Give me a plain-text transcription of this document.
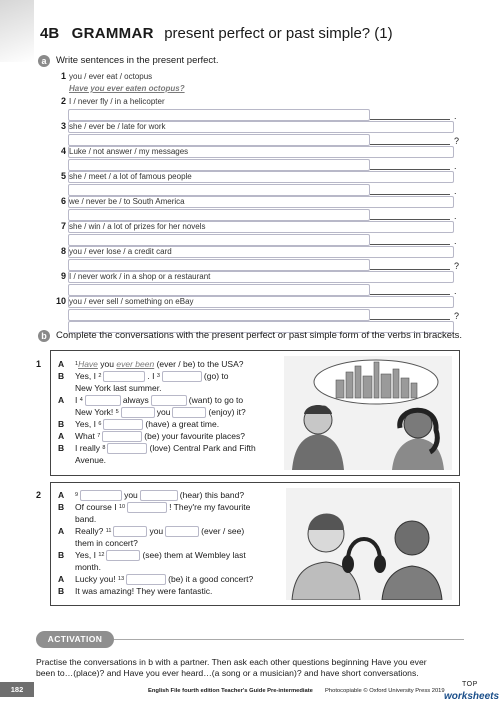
4B GRAMMAR present perfect or past simple? (1)
a	Write sentences in the present perfect.
1 you / ever eat / octopus
Have you ever eaten octopus?
2 I / never fly / in a helicopter
.
3 she / ever be / late for work
?
4 Luke / not answer / my messages
.
5 she / meet / a lot of famous people
.
6 we / never be / to South America
.
7 she / win / a lot of prizes for her novels
.
8 you / ever lose / a credit card
?
9 I / never work / in a shop or a restaurant
.
10 you / ever sell / something on eBay
?
b Complete the conversations with the present perfect or past simple form of the verbs in brackets.
1 A	1 Have
you
ever been
(ever / be) to the USA?
B	Yes, I
2	. I
3	(go) to
New York last summer.
A	I
4	always	(want) to go to
New York!
5	you	(enjoy) it?
B	Yes, I
6	(have) a great time.
A	What
7	(be) your favourite places?
B	I really
8	(love) Central Park and Fifth
Avenue.
2 A	9	you	(hear) this band?
B	Of course I
10	! They're my favourite
band.
A	Really?
11	you	(ever / see)
them in concert?
B	Yes, I
12	(see) them at Wembley last
month.
A	Lucky you!
13	(be) it a good concert?
B	It was amazing! They were fantastic.
ACTIVATION
Practise the conversations in b with a partner. Then ask each other questions beginning Have you ever
been to…(place)? and Have you ever heard…(a song or a musician)? and have short conversations.
182	English File fourth edition Teacher's Guide Pre-intermediate Photocopiable © Oxford University Press 2019
TOP
worksheets
